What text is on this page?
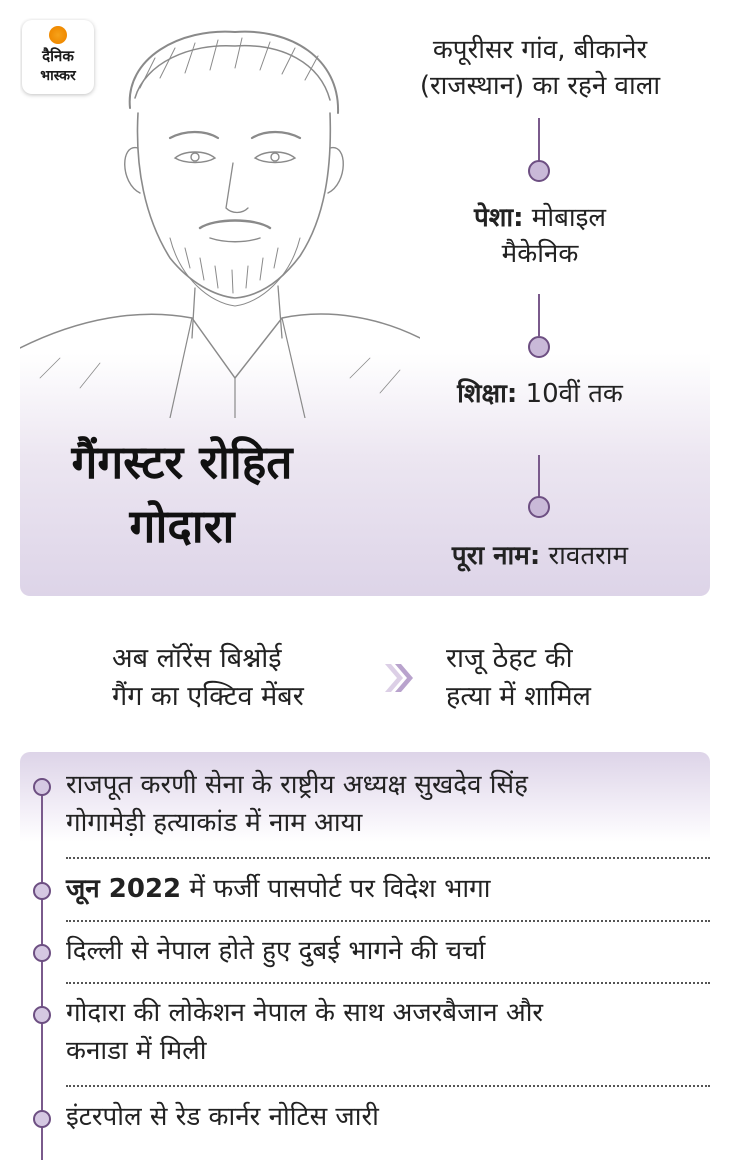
दैनिक
भास्कर
गैंगस्टर रोहित
गोदारा
कपूरीसर गांव, बीकानेर
(राजस्थान) का रहने वाला
पेशा: मोबाइल
मैकेनिक
शिक्षा: 10वीं तक
पूरा नाम: रावतराम
अब लॉरेंस बिश्नोई
गैंग का एक्टिव मेंबर
राजू ठेहट की
हत्या में शामिल
राजपूत करणी सेना के राष्ट्रीय अध्यक्ष सुखदेव सिंह
गोगामेड़ी हत्याकांड में नाम आया
जून 2022 में फर्जी पासपोर्ट पर विदेश भागा
दिल्ली से नेपाल होते हुए दुबई भागने की चर्चा
गोदारा की लोकेशन नेपाल के साथ अजरबैजान और
कनाडा में मिली
इंटरपोल से रेड कार्नर नोटिस जारी
